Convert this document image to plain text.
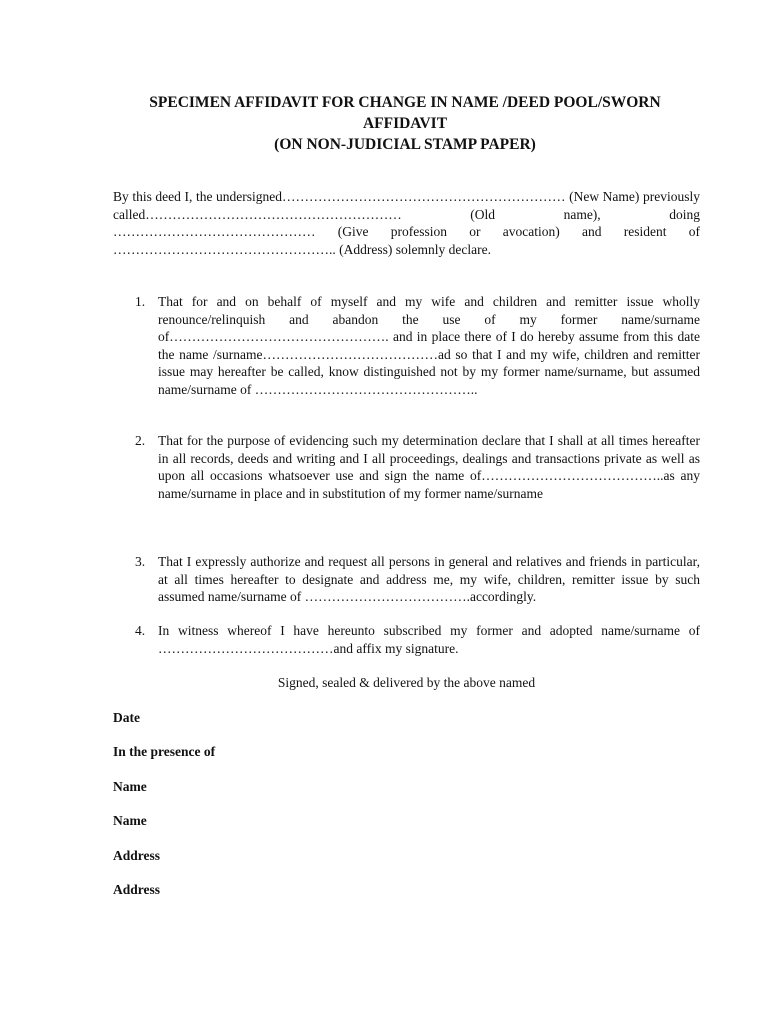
SPECIMEN AFFIDAVIT FOR CHANGE IN NAME /DEED POOL/SWORN
AFFIDAVIT
(ON NON-JUDICIAL STAMP PAPER)
By this deed I, the undersigned……………………………………………………… (New Name) previously called………………………………………………… (Old name), doing ……………………………………… (Give profession or avocation) and resident of ………………………………………….. (Address) solemnly declare.
1. That for and on behalf of myself and my wife and children and remitter issue wholly renounce/relinquish and abandon the use of my former name/surname of…………………………………………. and in place there of I do hereby assume from this date the name /surname…………………………………ad so that I and my wife, children and remitter issue may hereafter be called, know distinguished not by my former name/surname, but assumed name/surname of …………………………………………..
2. That for the purpose of evidencing such my determination declare that I shall at all times hereafter in all records, deeds and writing and I all proceedings, dealings and transactions private as well as upon all occasions whatsoever use and sign the name of…………………………………..as any name/surname in place and in substitution of my former name/surname
3. That I expressly authorize and request all persons in general and relatives and friends in particular, at all times hereafter to designate and address me, my wife, children, remitter issue by such assumed name/surname of ……………………………….accordingly.
4. In witness whereof I have hereunto subscribed my former and adopted name/surname of …………………………………and affix my signature.
Signed, sealed & delivered by the above named
Date
In the presence of
Name
Name
Address
Address
